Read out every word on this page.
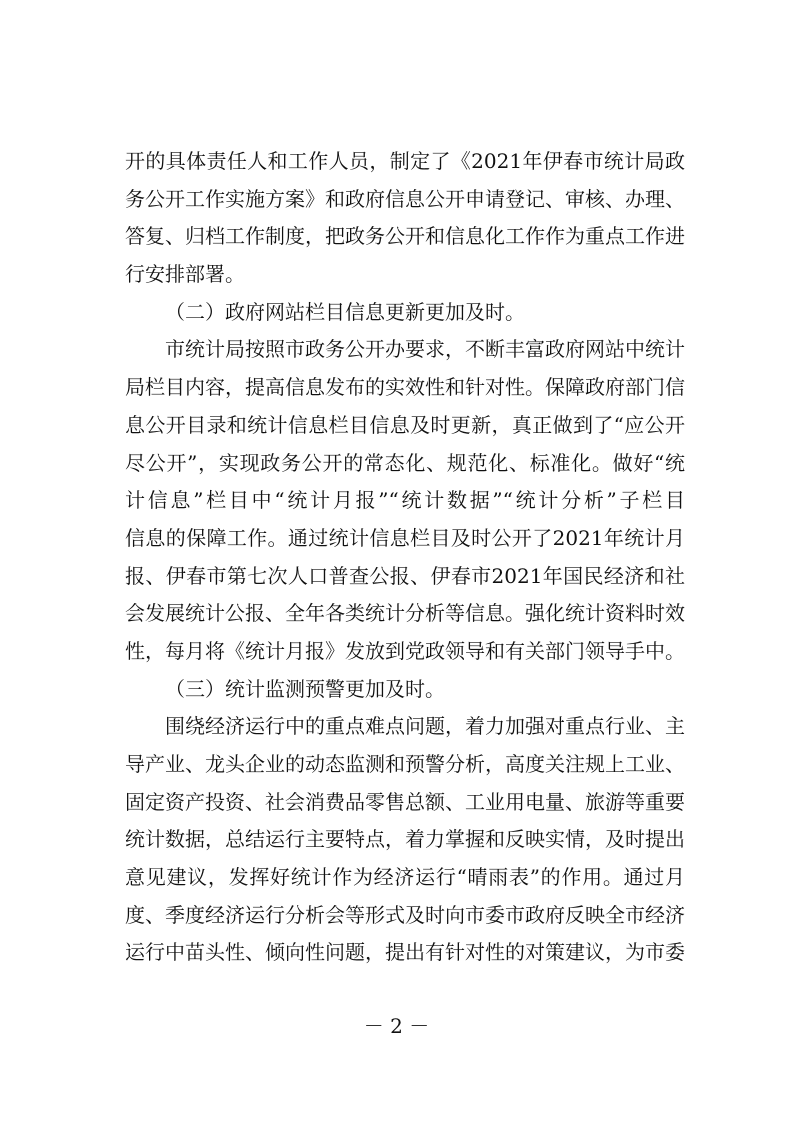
开的具体责任人和工作人员，制定了《2021年伊春市统计局政
务公开工作实施方案》和政府信息公开申请登记、审核、办理、
答复、归档工作制度，把政务公开和信息化工作作为重点工作进
行安排部署。
（二）政府网站栏目信息更新更加及时。
市统计局按照市政务公开办要求，不断丰富政府网站中统计
局栏目内容，提高信息发布的实效性和针对性。保障政府部门信
息公开目录和统计信息栏目信息及时更新，真正做到了“应公开
尽公开”，实现政务公开的常态化、规范化、标准化。做好“统
计信息”栏目中“统计月报”“统计数据”“统计分析”子栏目
信息的保障工作。通过统计信息栏目及时公开了2021年统计月
报、伊春市第七次人口普查公报、伊春市2021年国民经济和社
会发展统计公报、全年各类统计分析等信息。强化统计资料时效
性，每月将《统计月报》发放到党政领导和有关部门领导手中。
（三）统计监测预警更加及时。
围绕经济运行中的重点难点问题，着力加强对重点行业、主
导产业、龙头企业的动态监测和预警分析，高度关注规上工业、
固定资产投资、社会消费品零售总额、工业用电量、旅游等重要
统计数据，总结运行主要特点，着力掌握和反映实情，及时提出
意见建议，发挥好统计作为经济运行“晴雨表”的作用。通过月
度、季度经济运行分析会等形式及时向市委市政府反映全市经济
运行中苗头性、倾向性问题，提出有针对性的对策建议，为市委
－ 2 －
